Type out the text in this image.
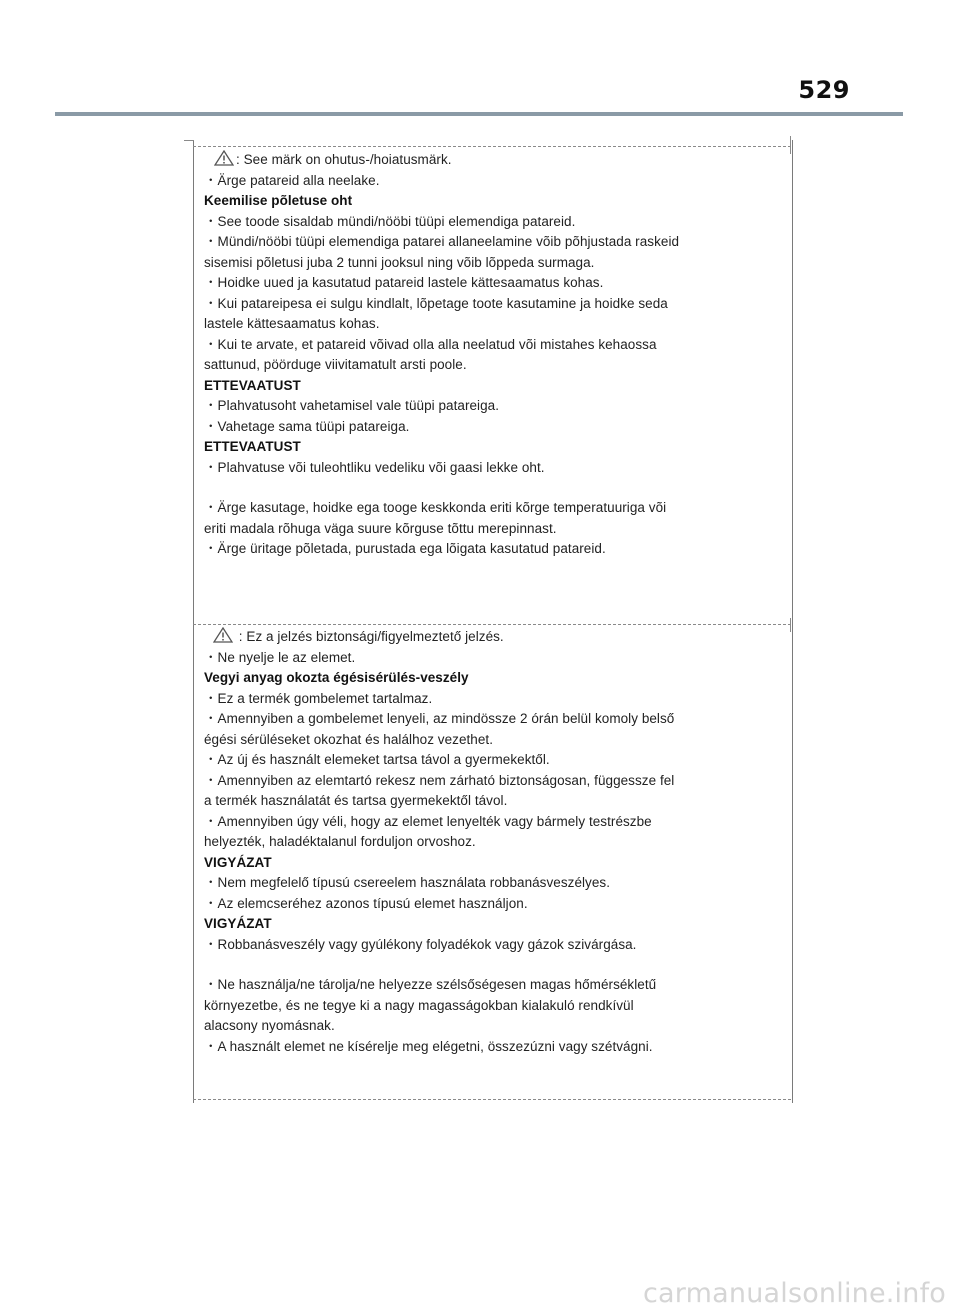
529
: See märk on ohutus-/hoiatusmärk.
・Ärge patareid alla neelake.
Keemilise põletuse oht
・See toode sisaldab mündi/nööbi tüüpi elemendiga patareid.
・Mündi/nööbi tüüpi elemendiga patarei allaneelamine võib põhjustada raskeid
sisemisi põletusi juba 2 tunni jooksul ning võib lõppeda surmaga.
・Hoidke uued ja kasutatud patareid lastele kättesaamatus kohas.
・Kui patareipesa ei sulgu kindlalt, lõpetage toote kasutamine ja hoidke seda
lastele kättesaamatus kohas.
・Kui te arvate, et patareid võivad olla alla neelatud või mistahes kehaossa
sattunud, pöörduge viivitamatult arsti poole.
ETTEVAATUST
・Plahvatusoht vahetamisel vale tüüpi patareiga.
・Vahetage sama tüüpi patareiga.
ETTEVAATUST
・Plahvatuse või tuleohtliku vedeliku või gaasi lekke oht.
・Ärge kasutage, hoidke ega tooge keskkonda eriti kõrge temperatuuriga või
eriti madala rõhuga väga suure kõrguse tõttu merepinnast.
・Ärge üritage põletada, purustada ega lõigata kasutatud patareid.
: Ez a jelzés biztonsági/figyelmeztető jelzés.
・Ne nyelje le az elemet.
Vegyi anyag okozta égésisérülés-veszély
・Ez a termék gombelemet tartalmaz.
・Amennyiben a gombelemet lenyeli, az mindössze 2 órán belül komoly belső
égési sérüléseket okozhat és halálhoz vezethet.
・Az új és használt elemeket tartsa távol a gyermekektől.
・Amennyiben az elemtartó rekesz nem zárható biztonságosan, függessze fel
a termék használatát és tartsa gyermekektől távol.
・Amennyiben úgy véli, hogy az elemet lenyelték vagy bármely testrészbe
helyezték, haladéktalanul forduljon orvoshoz.
VIGYÁZAT
・Nem megfelelő típusú csereelem használata robbanásveszélyes.
・Az elemcseréhez azonos típusú elemet használjon.
VIGYÁZAT
・Robbanásveszély vagy gyúlékony folyadékok vagy gázok szivárgása.
・Ne használja/ne tárolja/ne helyezze szélsőségesen magas hőmérsékletű
környezetbe, és ne tegye ki a nagy magasságokban kialakuló rendkívül
alacsony nyomásnak.
・A használt elemet ne kísérelje meg elégetni, összezúzni vagy szétvágni.
carmanualsonline.info
